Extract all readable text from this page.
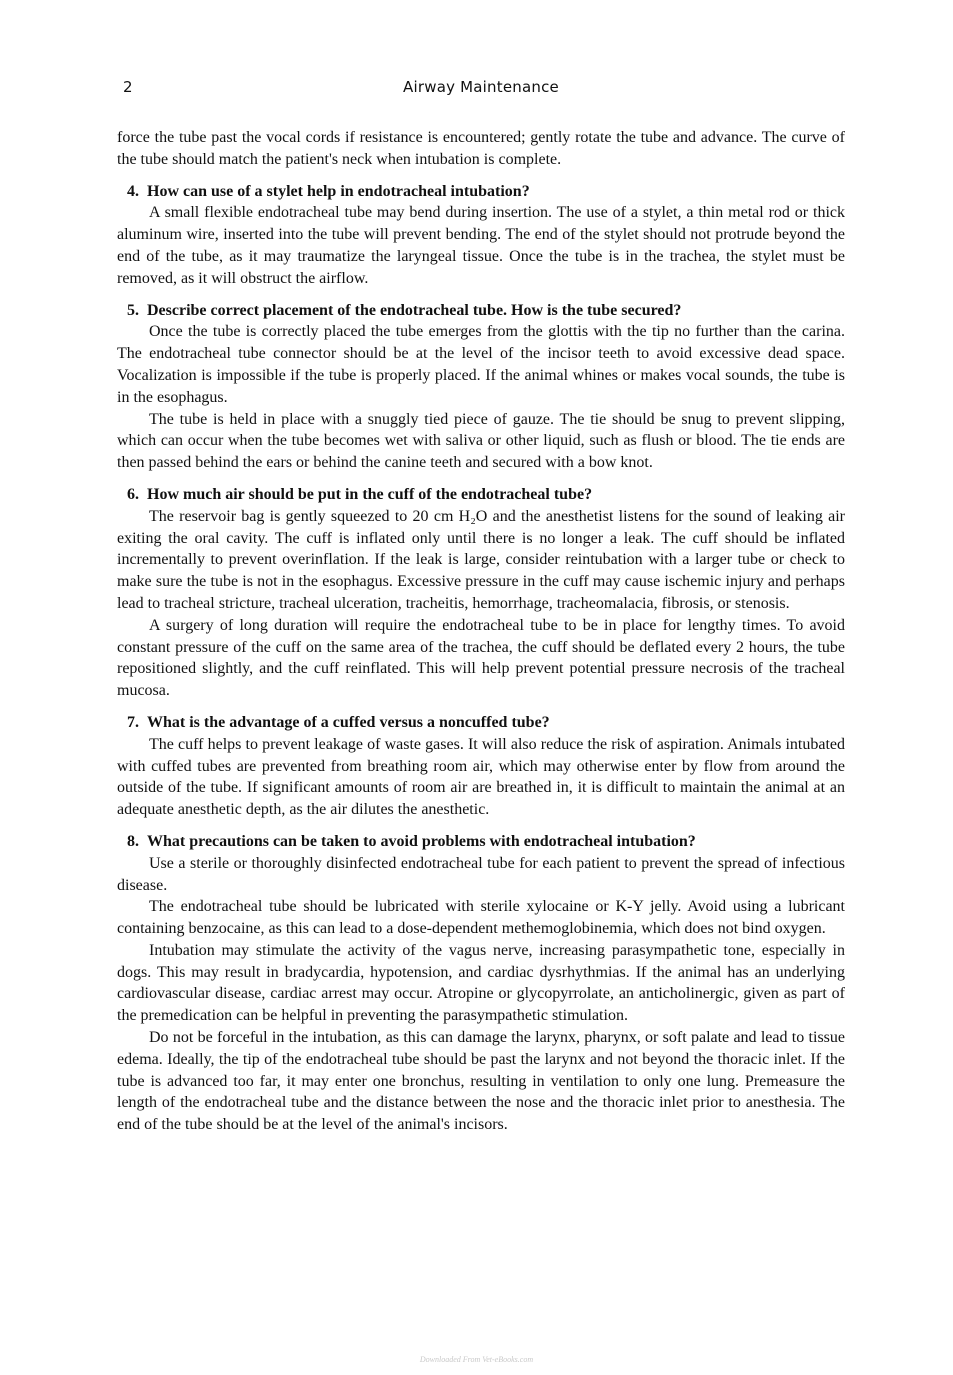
2	Airway Maintenance

force the tube past the vocal cords if resistance is encountered; gently rotate the tube and advance. The curve of the tube should match the patient's neck when intubation is complete.

4. How can use of a stylet help in endotracheal intubation?

A small flexible endotracheal tube may bend during insertion. The use of a stylet, a thin metal rod or thick aluminum wire, inserted into the tube will prevent bending. The end of the stylet should not protrude beyond the end of the tube, as it may traumatize the laryngeal tissue. Once the tube is in the trachea, the stylet must be removed, as it will obstruct the airflow.

5. Describe correct placement of the endotracheal tube. How is the tube secured?

Once the tube is correctly placed the tube emerges from the glottis with the tip no further than the carina. The endotracheal tube connector should be at the level of the incisor teeth to avoid excessive dead space. Vocalization is impossible if the tube is properly placed. If the animal whines or makes vocal sounds, the tube is in the esophagus.

The tube is held in place with a snuggly tied piece of gauze. The tie should be snug to prevent slipping, which can occur when the tube becomes wet with saliva or other liquid, such as flush or blood. The tie ends are then passed behind the ears or behind the canine teeth and secured with a bow knot.

6. How much air should be put in the cuff of the endotracheal tube?

The reservoir bag is gently squeezed to 20 cm H₂O and the anesthetist listens for the sound of leaking air exiting the oral cavity. The cuff is inflated only until there is no longer a leak. The cuff should be inflated incrementally to prevent overinflation. If the leak is large, consider reintubation with a larger tube or check to make sure the tube is not in the esophagus. Excessive pressure in the cuff may cause ischemic injury and perhaps lead to tracheal stricture, tracheal ulceration, tracheitis, hemorrhage, tracheomalacia, fibrosis, or stenosis.

A surgery of long duration will require the endotracheal tube to be in place for lengthy times. To avoid constant pressure of the cuff on the same area of the trachea, the cuff should be deflated every 2 hours, the tube repositioned slightly, and the cuff reinflated. This will help prevent potential pressure necrosis of the tracheal mucosa.

7. What is the advantage of a cuffed versus a noncuffed tube?

The cuff helps to prevent leakage of waste gases. It will also reduce the risk of aspiration. Animals intubated with cuffed tubes are prevented from breathing room air, which may otherwise enter by flow from around the outside of the tube. If significant amounts of room air are breathed in, it is difficult to maintain the animal at an adequate anesthetic depth, as the air dilutes the anesthetic.

8. What precautions can be taken to avoid problems with endotracheal intubation?

Use a sterile or thoroughly disinfected endotracheal tube for each patient to prevent the spread of infectious disease.

The endotracheal tube should be lubricated with sterile xylocaine or K-Y jelly. Avoid using a lubricant containing benzocaine, as this can lead to a dose-dependent methemoglobinemia, which does not bind oxygen.

Intubation may stimulate the activity of the vagus nerve, increasing parasympathetic tone, especially in dogs. This may result in bradycardia, hypotension, and cardiac dysrhythmias. If the animal has an underlying cardiovascular disease, cardiac arrest may occur. Atropine or glycopyrrolate, an anticholinergic, given as part of the premedication can be helpful in preventing the parasympathetic stimulation.

Do not be forceful in the intubation, as this can damage the larynx, pharynx, or soft palate and lead to tissue edema. Ideally, the tip of the endotracheal tube should be past the larynx and not beyond the thoracic inlet. If the tube is advanced too far, it may enter one bronchus, resulting in ventilation to only one lung. Premeasure the length of the endotracheal tube and the distance between the nose and the thoracic inlet prior to anesthesia. The end of the tube should be at the level of the animal's incisors.

Downloaded From Vet-eBooks.com
